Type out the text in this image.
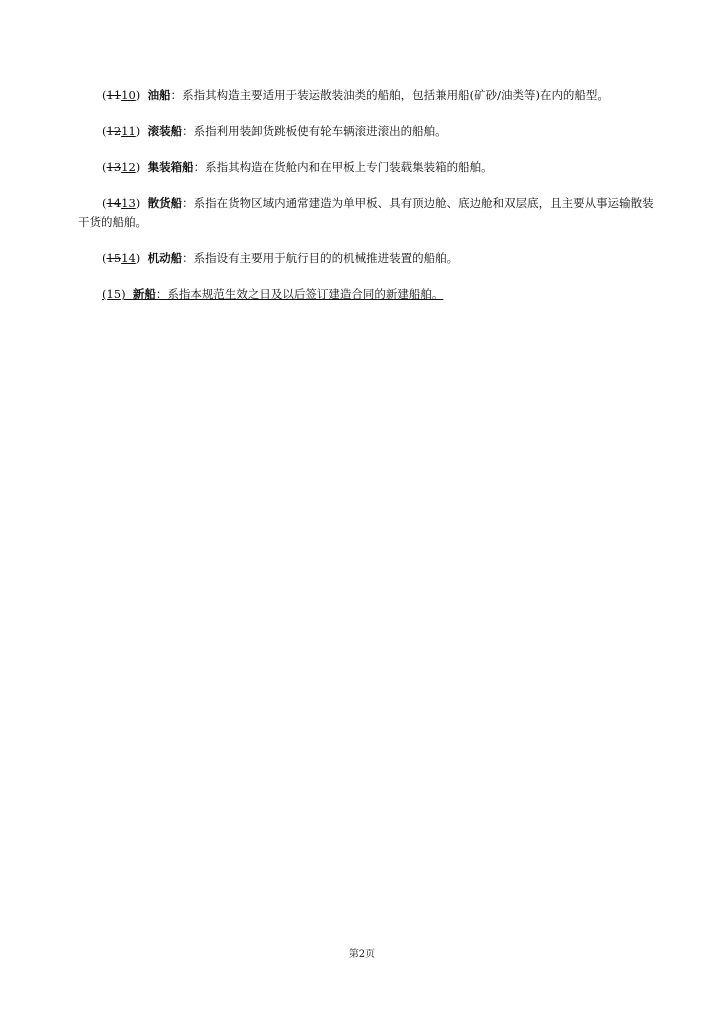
(1110) 油船：系指其构造主要适用于装运散装油类的船舶，包括兼用船(矿砂/油类等)在内的船型。

(1211) 滚装船：系指利用装卸货跳板使有轮车辆滚进滚出的船舶。

(1312) 集装箱船：系指其构造在货舱内和在甲板上专门装载集装箱的船舶。

(1413) 散货船：系指在货物区域内通常建造为单甲板、具有顶边舱、底边舱和双层底，且主要从事运输散装干货的船舶。

(1514) 机动船：系指设有主要用于航行目的的机械推进装置的船舶。

(15) 新船：系指本规范生效之日及以后签订建造合同的新建船舶。

第2页
